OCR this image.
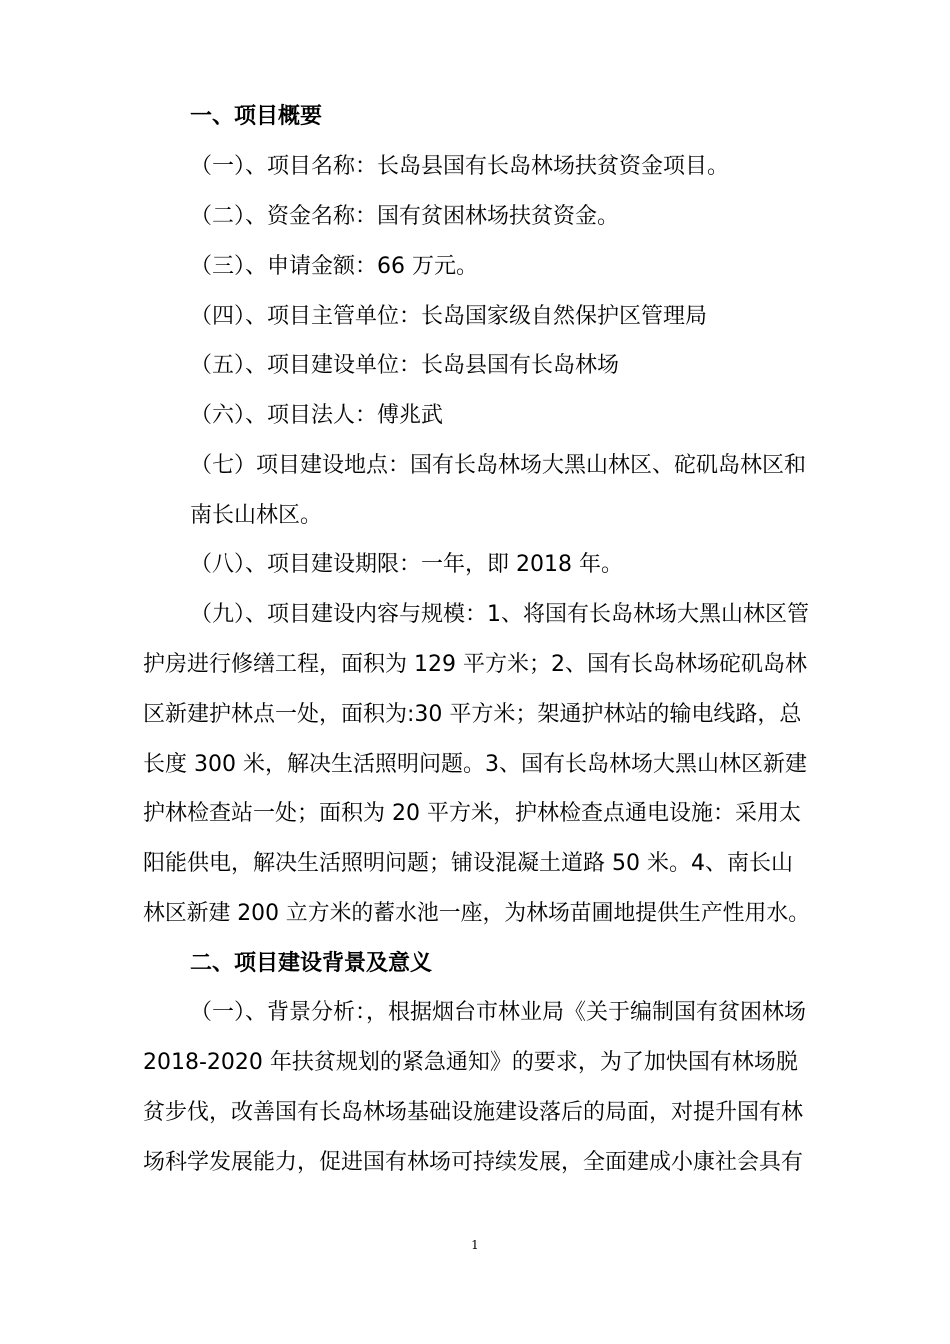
一、项目概要
（一）、项目名称：长岛县国有长岛林场扶贫资金项目。
（二）、资金名称：国有贫困林场扶贫资金。
（三）、申请金额：66 万元。
（四）、项目主管单位：长岛国家级自然保护区管理局
（五）、项目建设单位：长岛县国有长岛林场
（六）、项目法人：傅兆武
（七）项目建设地点：国有长岛林场大黑山林区、砣矶岛林区和
南长山林区。
（八）、项目建设期限：一年，即 2018 年。
（九）、项目建设内容与规模：1、将国有长岛林场大黑山林区管
护房进行修缮工程，面积为 129 平方米；2、国有长岛林场砣矶岛林
区新建护林点一处，面积为:30 平方米；架通护林站的输电线路，总
长度 300 米，解决生活照明问题。3、国有长岛林场大黑山林区新建
护林检查站一处；面积为 20 平方米，护林检查点通电设施：采用太
阳能供电，解决生活照明问题；铺设混凝土道路 50 米。4、南长山
林区新建 200 立方米的蓄水池一座，为林场苗圃地提供生产性用水。
二、项目建设背景及意义
（一）、背景分析：，根据烟台市林业局《关于编制国有贫困林场
2018-2020 年扶贫规划的紧急通知》的要求，为了加快国有林场脱
贫步伐，改善国有长岛林场基础设施建设落后的局面，对提升国有林
场科学发展能力，促进国有林场可持续发展，全面建成小康社会具有
1
